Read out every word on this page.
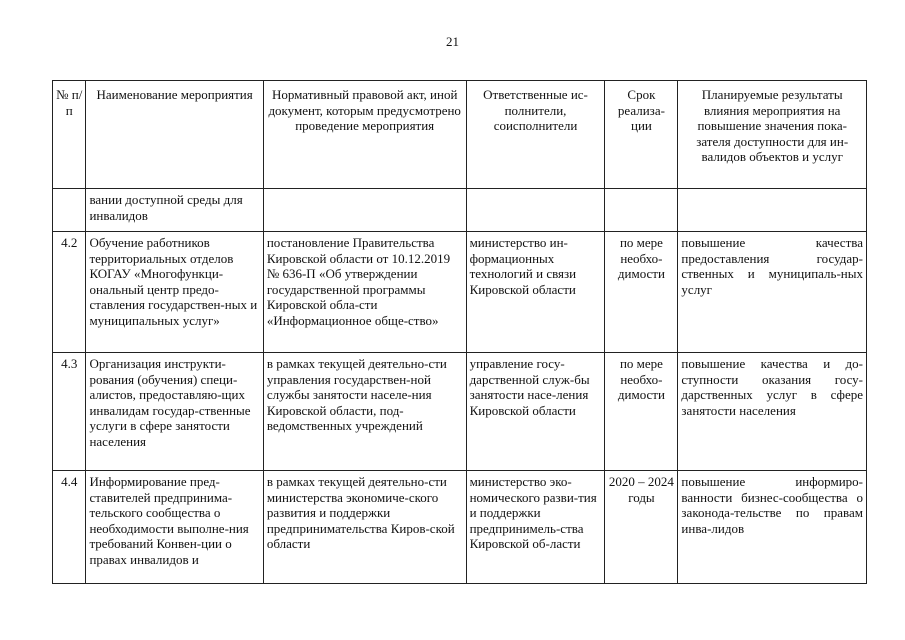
21
№ п/п	Наименование мероприятия	Нормативный правовой акт, иной документ, которым предусмотрено проведение мероприятия	Ответственные ис-полнители, соисполнители	Срок реализа-ции	Планируемые результаты влияния мероприятия на повышение значения пока-зателя доступности для ин-валидов объектов и услуг
	вании доступной среды для инвалидов				
4.2	Обучение работников территориальных отделов КОГАУ «Многофункци-ональный центр предо-ставления государствен-ных и муниципальных услуг»	постановление Правительства Кировской области от 10.12.2019 № 636-П «Об утверждении государственной программы Кировской обла-сти «Информационное обще-ство»	министерство ин-формационных технологий и связи Кировской области	по мере необхо-димости	повышение качества предоставления государ-ственных и муниципаль-ных услуг
4.3	Организация инструкти-рования (обучения) специ-алистов, предоставляю-щих инвалидам государ-ственные услуги в сфере занятости населения	в рамках текущей деятельно-сти управления государствен-ной службы занятости населе-ния Кировской области, под-ведомственных учреждений	управление госу-дарственной служ-бы занятости насе-ления Кировской области	по мере необхо-димости	повышение качества и до-ступности оказания госу-дарственных услуг в сфере занятости населения
4.4	Информирование пред-ставителей предпринима-тельского сообщества о необходимости выполне-ния требований Конвен-ции о правах инвалидов и	в рамках текущей деятельно-сти министерства экономиче-ского развития и поддержки предпринимательства Киров-ской области	министерство эко-номического разви-тия и поддержки предпринимель-ства Кировской об-ласти	2020 – 2024 годы	повышение информиро-ванности бизнес-сообщества о законода-тельстве по правам инва-лидов
